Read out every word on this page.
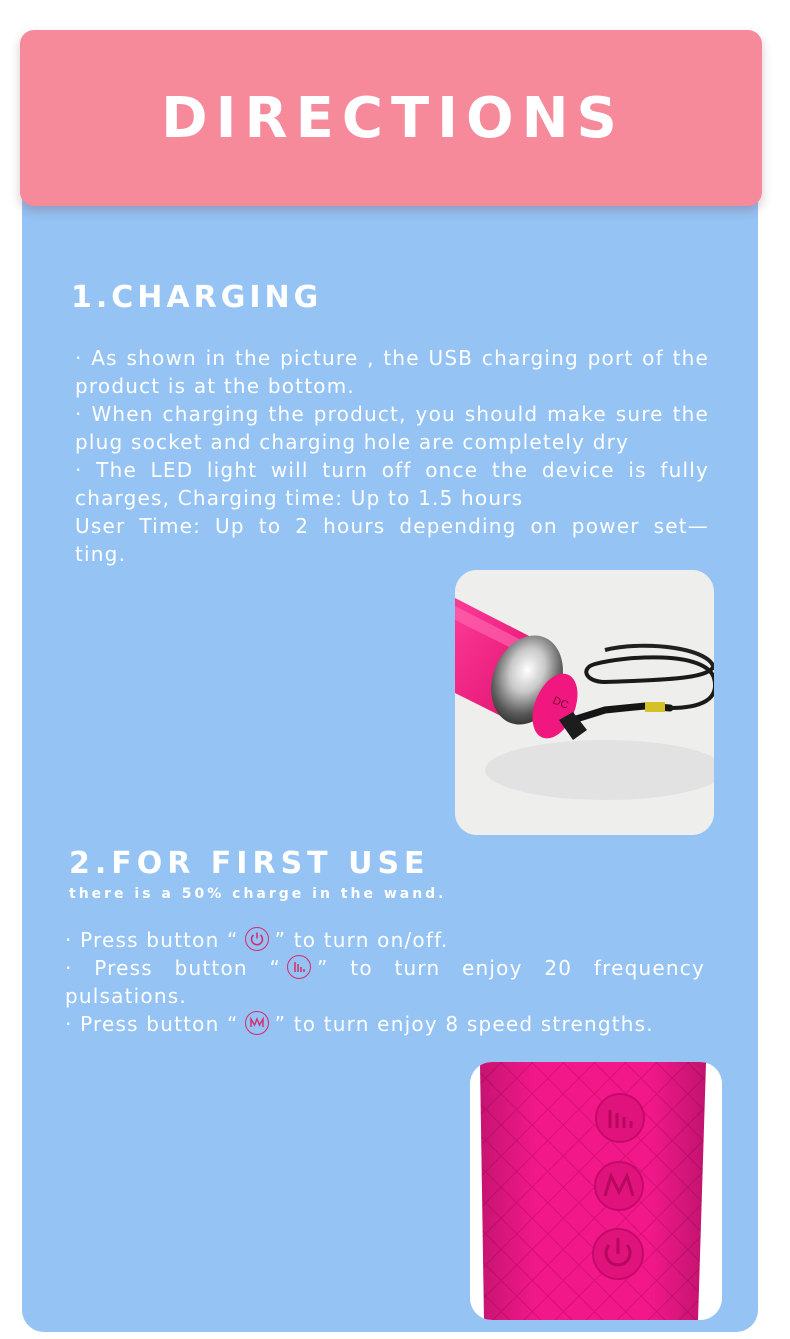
DIRECTIONS
1.CHARGING

· As shown in the picture , the USB charging port of the product is at the bottom.

· When charging the product, you should make sure the plug socket and charging hole are completely dry

· The LED light will turn off once the device is fully charges, Charging time: Up to 1.5 hours

User Time: Up to 2 hours depending on power set— ting.

DC
2.FOR FIRST USE
there is a 50% charge in the wand.

· Press button “ ” to turn on/off.

· Press button “ ” to turn enjoy 20 frequency pulsations.

· Press button “ ” to turn enjoy 8 speed strengths.
